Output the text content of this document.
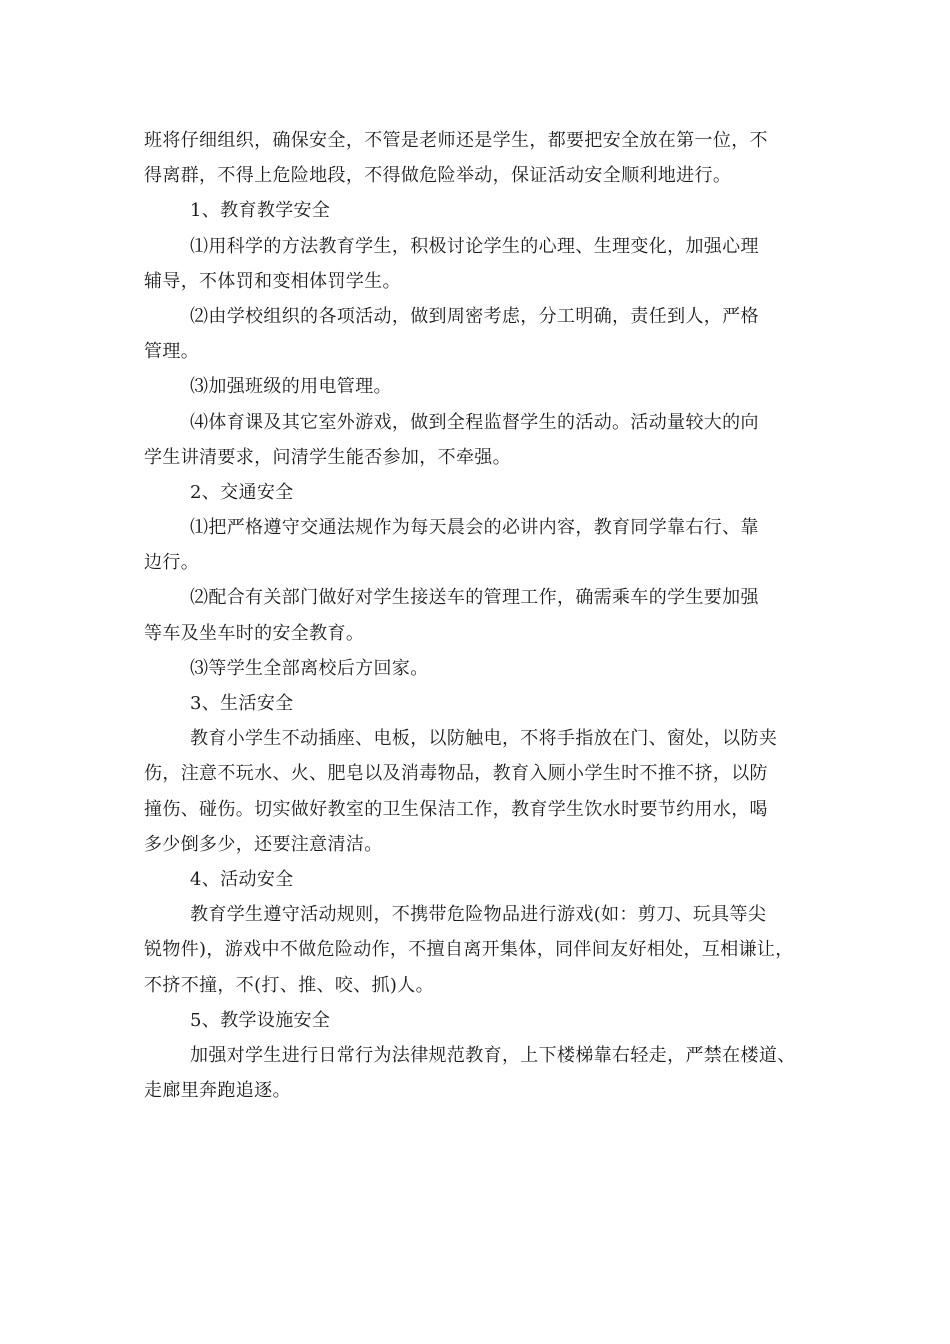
班将仔细组织，确保安全，不管是老师还是学生，都要把安全放在第一位，不
得离群，不得上危险地段，不得做危险举动，保证活动安全顺利地进行。
1、教育教学安全
⑴用科学的方法教育学生，积极讨论学生的心理、生理变化，加强心理
辅导，不体罚和变相体罚学生。
⑵由学校组织的各项活动，做到周密考虑，分工明确，责任到人，严格
管理。
⑶加强班级的用电管理。
⑷体育课及其它室外游戏，做到全程监督学生的活动。活动量较大的向
学生讲清要求，问清学生能否参加，不牵强。
2、交通安全
⑴把严格遵守交通法规作为每天晨会的必讲内容，教育同学靠右行、靠
边行。
⑵配合有关部门做好对学生接送车的管理工作，确需乘车的学生要加强
等车及坐车时的安全教育。
⑶等学生全部离校后方回家。
3、生活安全
教育小学生不动插座、电板，以防触电，不将手指放在门、窗处，以防夹
伤，注意不玩水、火、肥皂以及消毒物品，教育入厕小学生时不推不挤，以防
撞伤、碰伤。切实做好教室的卫生保洁工作，教育学生饮水时要节约用水，喝
多少倒多少，还要注意清洁。
4、活动安全
教育学生遵守活动规则，不携带危险物品进行游戏(如：剪刀、玩具等尖
锐物件)，游戏中不做危险动作，不擅自离开集体，同伴间友好相处，互相谦让，
不挤不撞，不(打、推、咬、抓)人。
5、教学设施安全
加强对学生进行日常行为法律规范教育，上下楼梯靠右轻走，严禁在楼道、
走廊里奔跑追逐。
